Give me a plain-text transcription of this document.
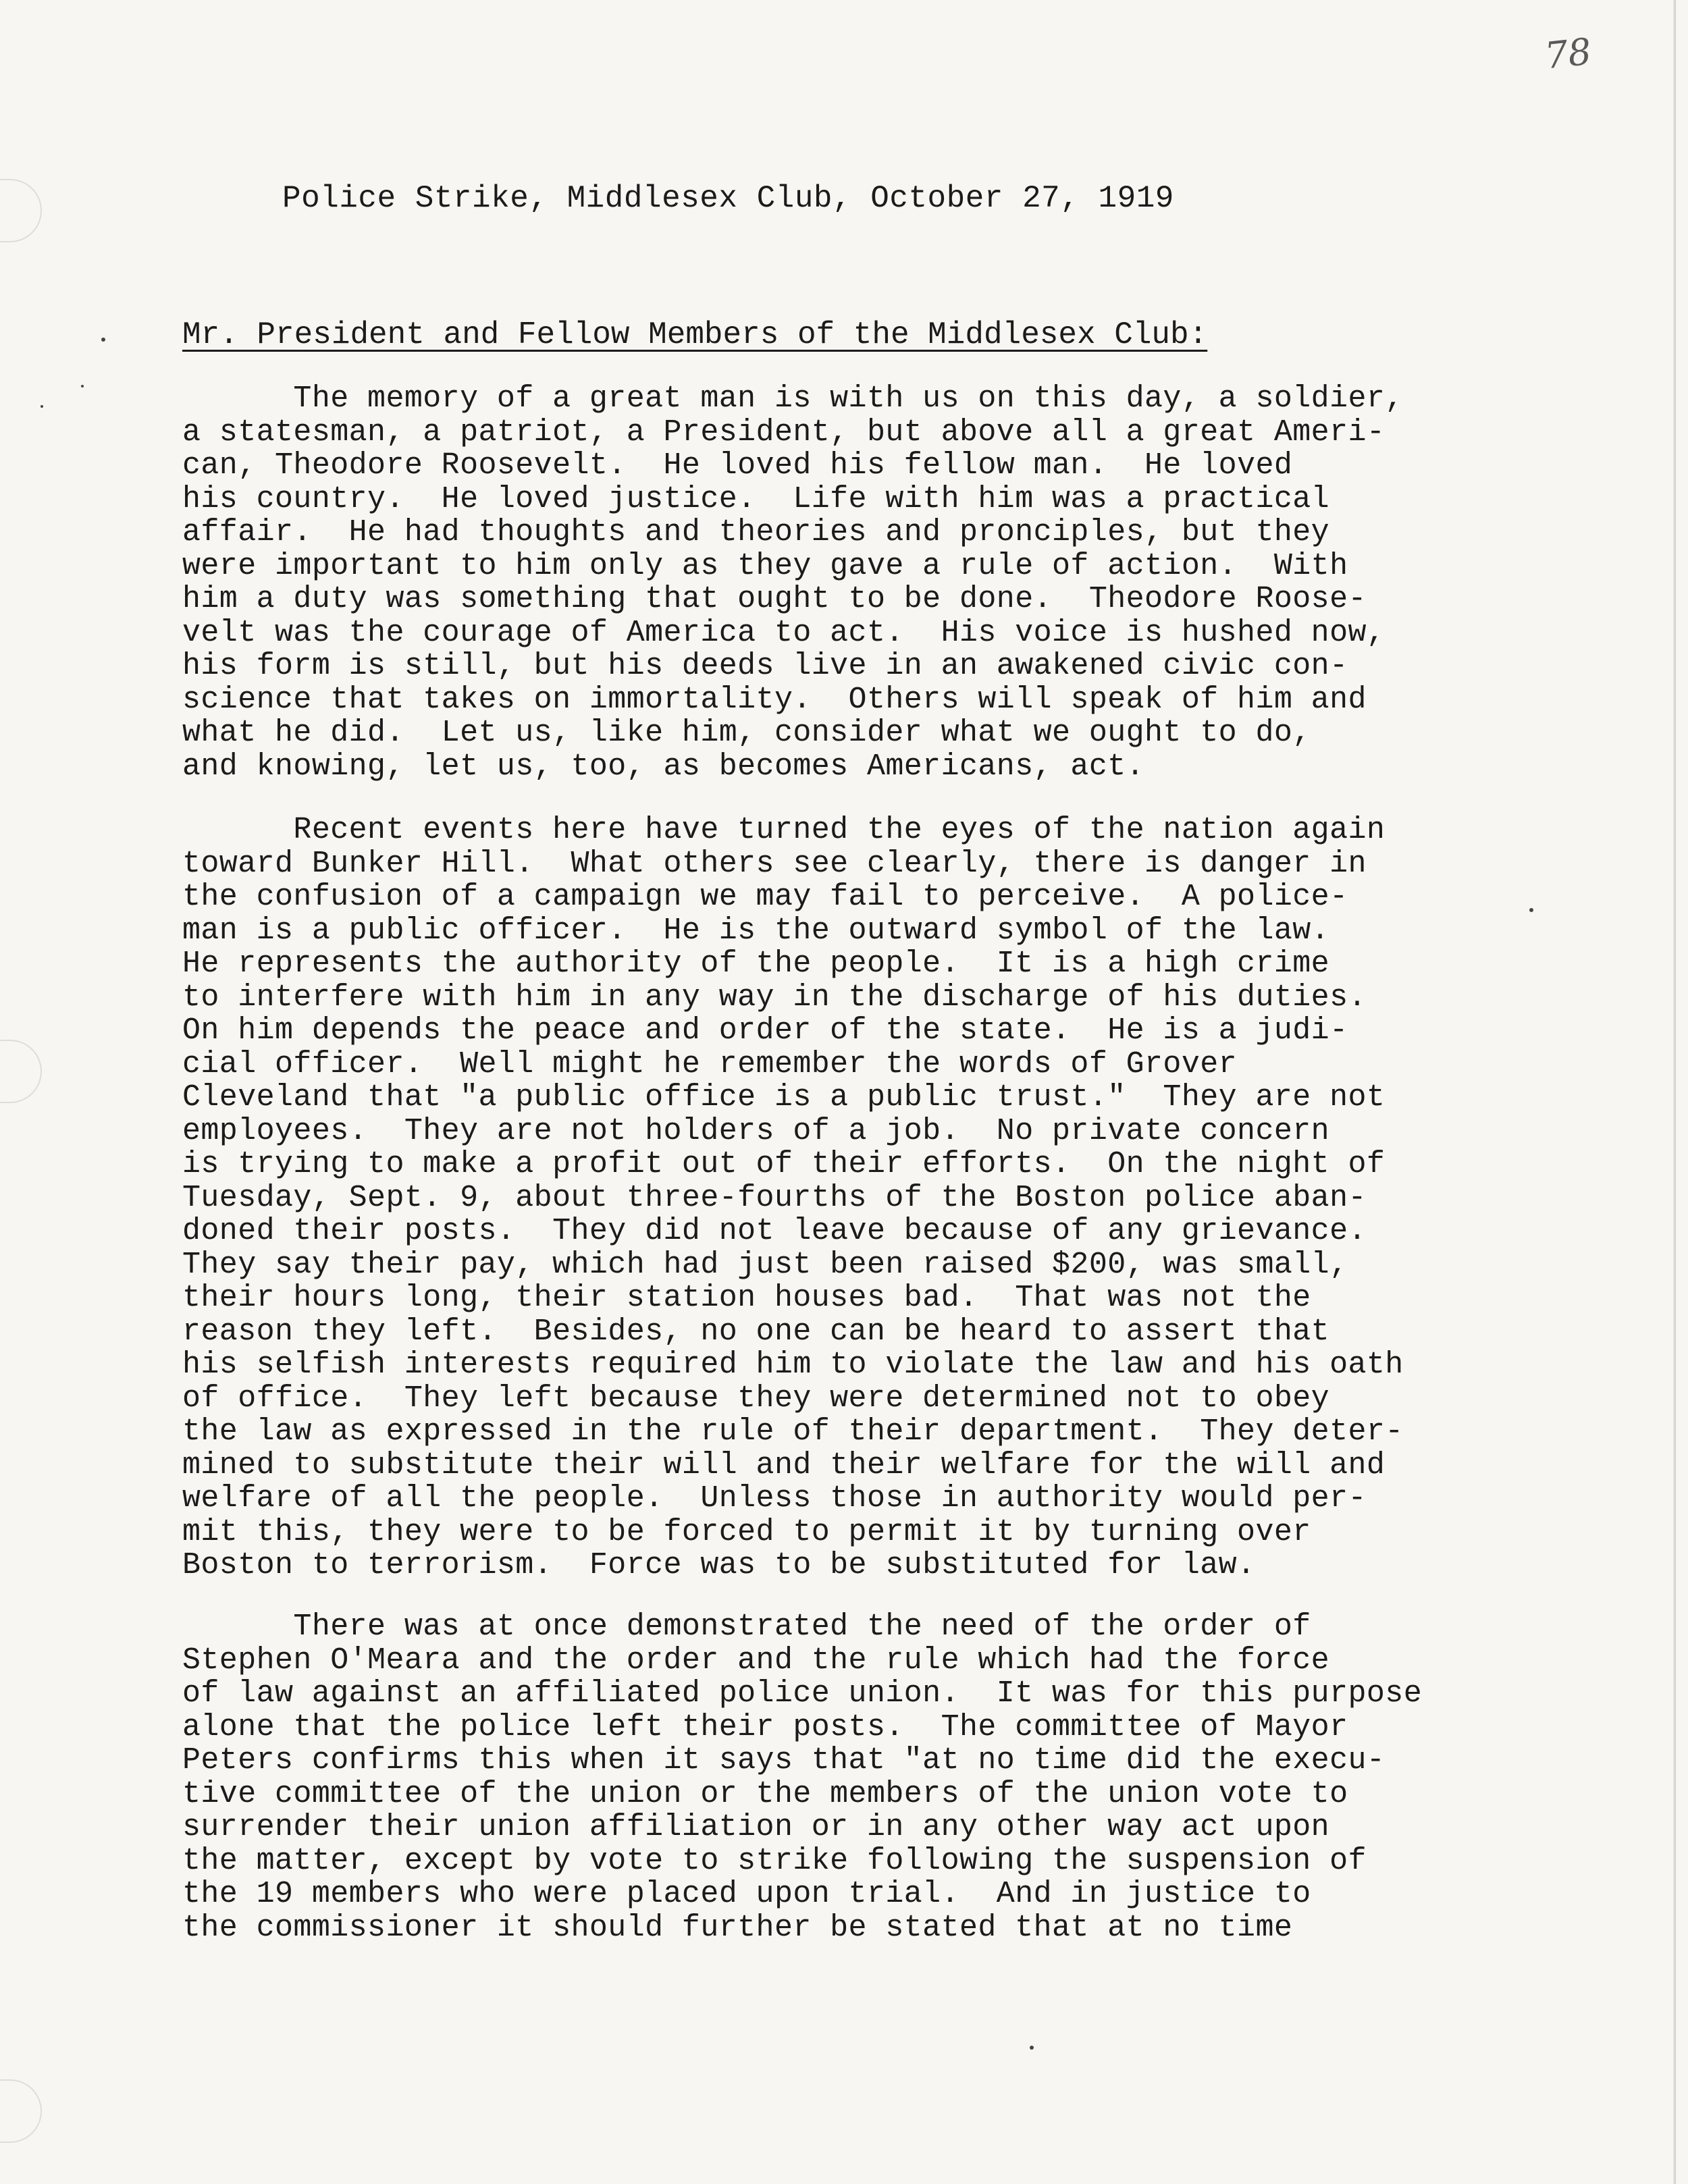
78
Police Strike, Middlesex Club, October 27, 1919
Mr. President and Fellow Members of the Middlesex Club:

The memory of a great man is with us on this day, a soldier,
a statesman, a patriot, a President, but above all a great Ameri-
can, Theodore Roosevelt.  He loved his fellow man.  He loved
his country.  He loved justice.  Life with him was a practical
affair.  He had thoughts and theories and pronciples, but they
were important to him only as they gave a rule of action.  With
him a duty was something that ought to be done.  Theodore Roose-
velt was the courage of America to act.  His voice is hushed now,
his form is still, but his deeds live in an awakened civic con-
science that takes on immortality.  Others will speak of him and
what he did.  Let us, like him, consider what we ought to do,
and knowing, let us, too, as becomes Americans, act.

Recent events here have turned the eyes of the nation again
toward Bunker Hill.  What others see clearly, there is danger in
the confusion of a campaign we may fail to perceive.  A police-
man is a public officer.  He is the outward symbol of the law.
He represents the authority of the people.  It is a high crime
to interfere with him in any way in the discharge of his duties.
On him depends the peace and order of the state.  He is a judi-
cial officer.  Well might he remember the words of Grover
Cleveland that "a public office is a public trust."  They are not
employees.  They are not holders of a job.  No private concern
is trying to make a profit out of their efforts.  On the night of
Tuesday, Sept. 9, about three-fourths of the Boston police aban-
doned their posts.  They did not leave because of any grievance.
They say their pay, which had just been raised $200, was small,
their hours long, their station houses bad.  That was not the
reason they left.  Besides, no one can be heard to assert that
his selfish interests required him to violate the law and his oath
of office.  They left because they were determined not to obey
the law as expressed in the rule of their department.  They deter-
mined to substitute their will and their welfare for the will and
welfare of all the people.  Unless those in authority would per-
mit this, they were to be forced to permit it by turning over
Boston to terrorism.  Force was to be substituted for law.

There was at once demonstrated the need of the order of
Stephen O'Meara and the order and the rule which had the force
of law against an affiliated police union.  It was for this purpose
alone that the police left their posts.  The committee of Mayor
Peters confirms this when it says that "at no time did the execu-
tive committee of the union or the members of the union vote to
surrender their union affiliation or in any other way act upon
the matter, except by vote to strike following the suspension of
the 19 members who were placed upon trial.  And in justice to
the commissioner it should further be stated that at no time
